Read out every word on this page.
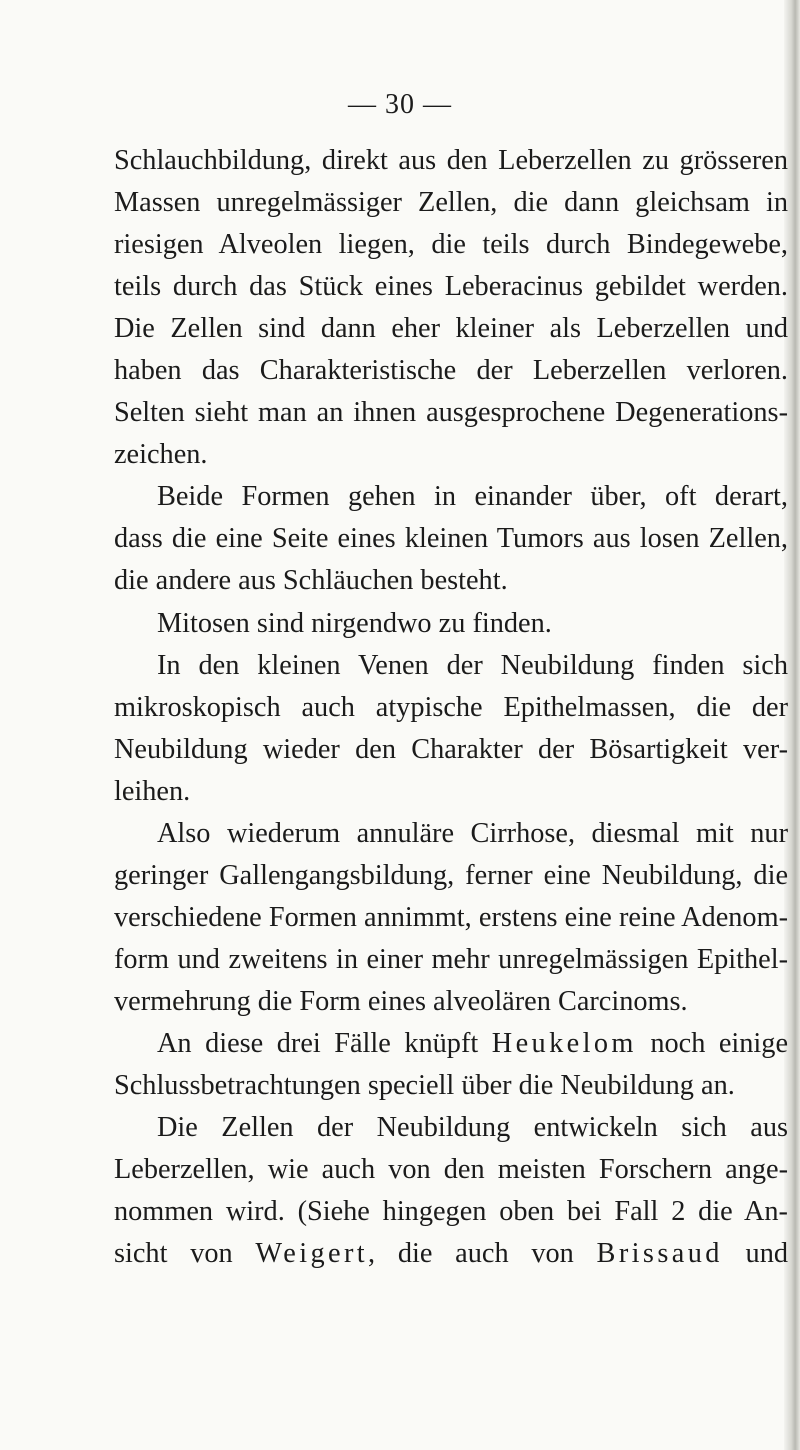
— 30 —
Schlauchbildung, direkt aus den Leberzellen zu grösseren
Massen unregelmässiger Zellen, die dann gleichsam in
riesigen Alveolen liegen, die teils durch Bindegewebe,
teils durch das Stück eines Leberacinus gebildet werden.
Die Zellen sind dann eher kleiner als Leberzellen und
haben das Charakteristische der Leberzellen verloren.
Selten sieht man an ihnen ausgesprochene Degenerations-
zeichen.
Beide Formen gehen in einander über, oft derart,
dass die eine Seite eines kleinen Tumors aus losen Zellen,
die andere aus Schläuchen besteht.
Mitosen sind nirgendwo zu finden.
In den kleinen Venen der Neubildung finden sich
mikroskopisch auch atypische Epithelmassen, die der
Neubildung wieder den Charakter der Bösartigkeit ver-
leihen.
Also wiederum annuläre Cirrhose, diesmal mit nur
geringer Gallengangsbildung, ferner eine Neubildung, die
verschiedene Formen annimmt, erstens eine reine Adenom-
form und zweitens in einer mehr unregelmässigen Epithel-
vermehrung die Form eines alveolären Carcinoms.
An diese drei Fälle knüpft Heukelom noch einige
Schlussbetrachtungen speciell über die Neubildung an.
Die Zellen der Neubildung entwickeln sich aus
Leberzellen, wie auch von den meisten Forschern ange-
nommen wird. (Siehe hingegen oben bei Fall 2 die An-
sicht von Weigert, die auch von Brissaud und
